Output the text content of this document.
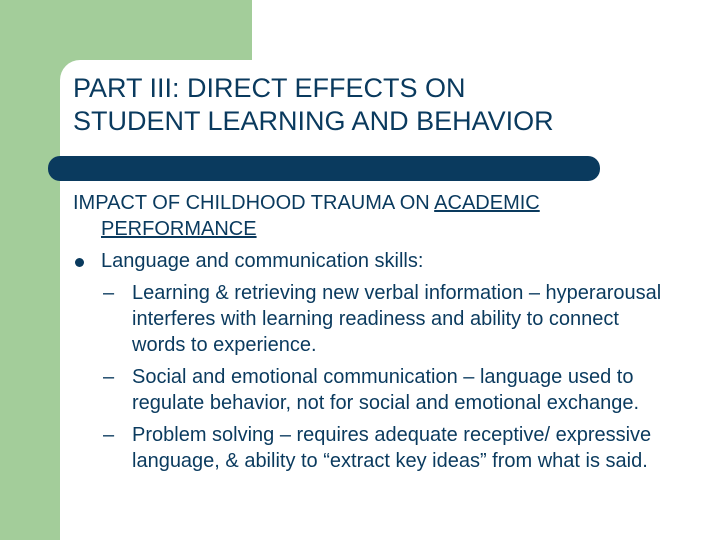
PART III: DIRECT EFFECTS ON
STUDENT LEARNING AND BEHAVIOR

IMPACT OF CHILDHOOD TRAUMA ON ACADEMIC PERFORMANCE

Language and communication skills:
– Learning & retrieving new verbal information – hyperarousal interferes with learning readiness and ability to connect words to experience.
– Social and emotional communication – language used to regulate behavior, not for social and emotional exchange.
– Problem solving – requires adequate receptive/ expressive language, & ability to “extract key ideas” from what is said.
